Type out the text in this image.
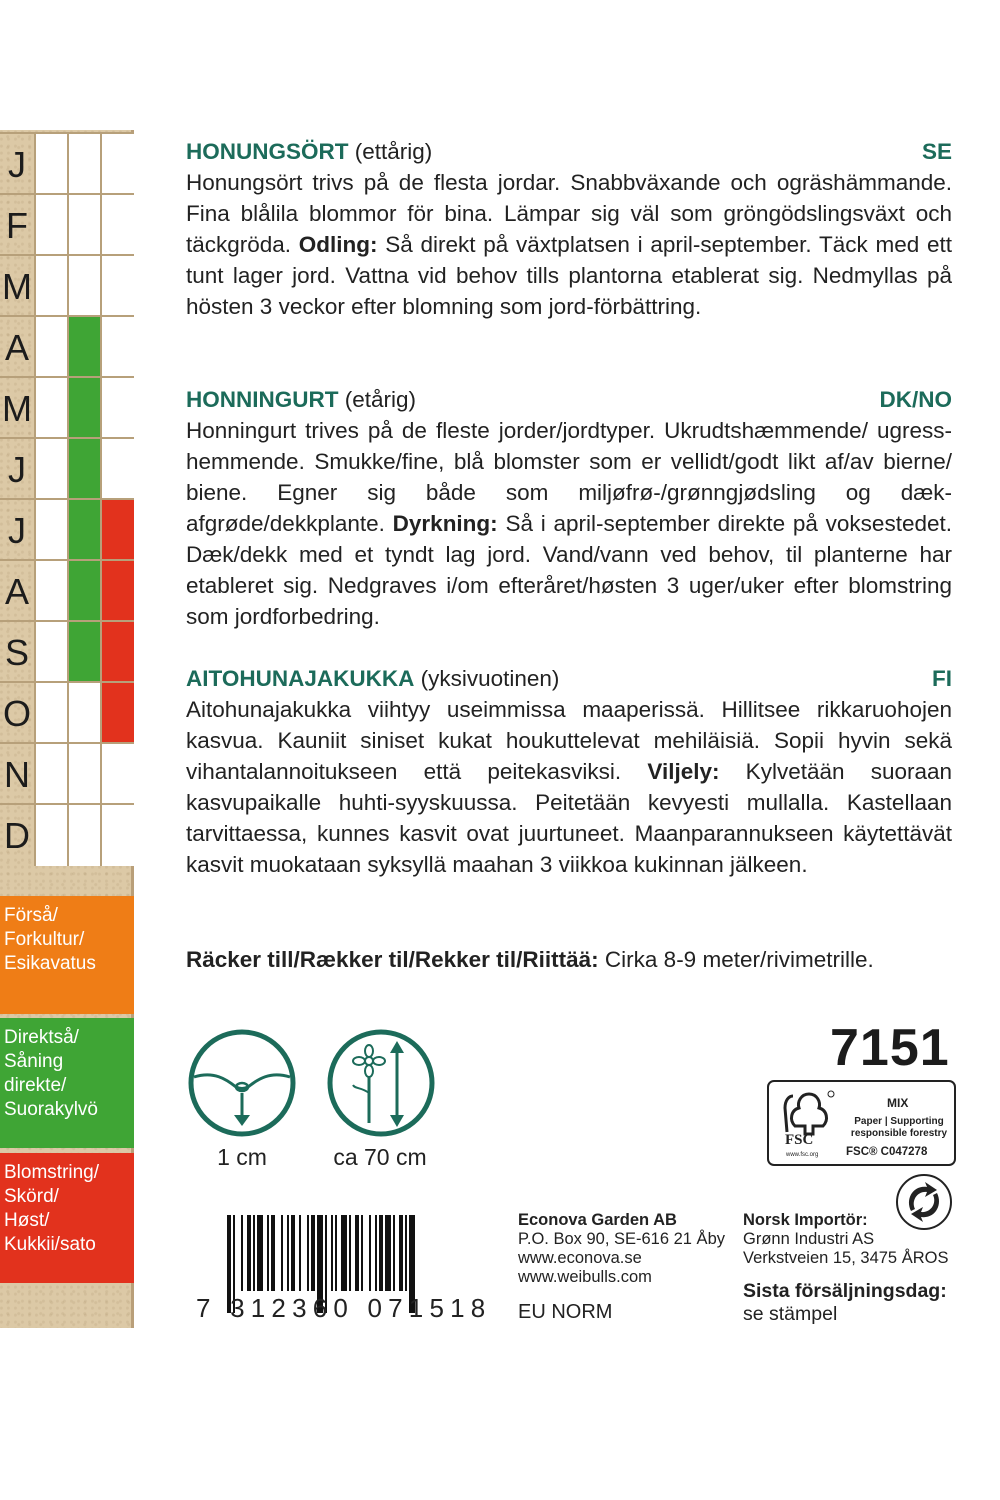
J
F
M
A
M
J
J
A
S
O
N
D
Förså/
Forkultur/
Esikavatus
Direktså/
Såning
direkte/
Suorakylvö
Blomstring/
Skörd/
Høst/
Kukkii/sato
HONUNGSÖRT (ettårig)	SE
Honungsört trivs på de flesta jordar. Snabbväxande och ogräshämmande. Fina blålila blommor för bina. Lämpar sig väl som gröngödslingsväxt och täckgröda. Odling: Så direkt på växtplatsen i april-september. Täck med ett tunt lager jord. Vattna vid behov tills plantorna etablerat sig. Nedmyllas på hösten 3 veckor efter blomning som jord-förbättring.
HONNINGURT (etårig)	DK/NO
Honningurt trives på de fleste jorder/jordtyper. Ukrudtshæmmende/ ugress- hemmende. Smukke/fine, blå blomster som er vellidt/godt likt af/av bierne/ biene. Egner sig både som miljøfrø-/grønngjødsling og dæk- afgrøde/dekkplante. Dyrkning: Så i april-september direkte på voksestedet. Dæk/dekk med et tyndt lag jord. Vand/vann ved behov, til planterne har etableret sig. Nedgraves i/om efteråret/høsten 3 uger/uker efter blomstring som jordforbedring.
AITOHUNAJAKUKKA (yksivuotinen)	FI
Aitohunajakukka viihtyy useimmissa maaperissä. Hillitsee rikkaruohojen kasvua. Kauniit siniset kukat houkuttelevat mehiläisiä. Sopii hyvin sekä vihantalannoitukseen että peitekasviksi. Viljely: Kylvetään suoraan kasvupaikalle huhti-syyskuussa. Peitetään kevyesti mullalla. Kastellaan tarvittaessa, kunnes kasvit ovat juurtuneet. Maanparannukseen käytettävät kasvit muokataan syksyllä maahan 3 viikkoa kukinnan jälkeen.
Räcker till/Rækker til/Rekker til/Riittää: Cirka 8-9 meter/rivimetrille.
1 cm	ca 70 cm
7151
FSC
www.fsc.org
MIX
Paper | Supporting responsible forestry
FSC® C047278
7 312360 071518
Econova Garden AB
P.O. Box 90, SE-616 21 Åby
www.econova.se
www.weibulls.com
EU NORM
Norsk Importör:
Grønn Industri AS
Verkstveien 15, 3475 ÅROS
Sista försäljningsdag:
se stämpel
